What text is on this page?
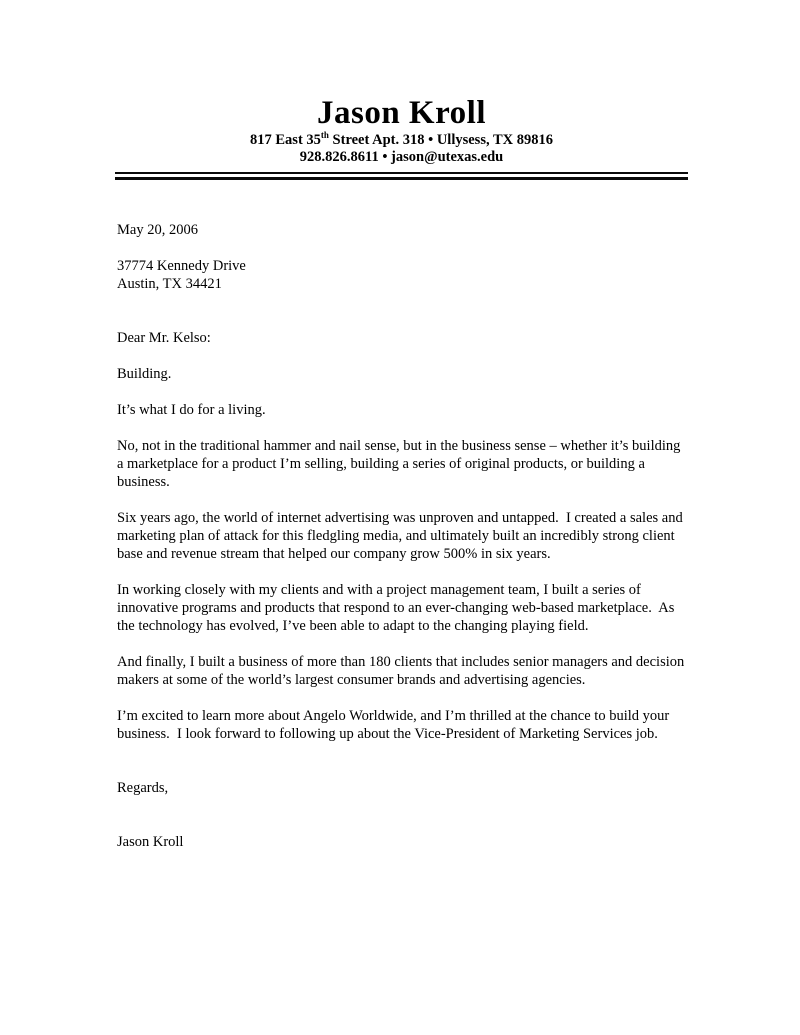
Jason Kroll
817 East 35th Street Apt. 318 • Ullysess, TX 89816
928.826.8611 • jason@utexas.edu

May 20, 2006

37774 Kennedy Drive

Austin, TX 34421

Dear Mr. Kelso:

Building.

It’s what I do for a living.

No, not in the traditional hammer and nail sense, but in the business sense – whether it’s building a marketplace for a product I’m selling, building a series of original products, or building a business.

Six years ago, the world of internet advertising was unproven and untapped.  I created a sales and marketing plan of attack for this fledgling media, and ultimately built an incredibly strong client base and revenue stream that helped our company grow 500% in six years.

In working closely with my clients and with a project management team, I built a series of innovative programs and products that respond to an ever-changing web-based marketplace.  As the technology has evolved, I’ve been able to adapt to the changing playing field.

And finally, I built a business of more than 180 clients that includes senior managers and decision makers at some of the world’s largest consumer brands and advertising agencies.

I’m excited to learn more about Angelo Worldwide, and I’m thrilled at the chance to build your business.  I look forward to following up about the Vice-President of Marketing Services job.

Regards,

Jason Kroll
